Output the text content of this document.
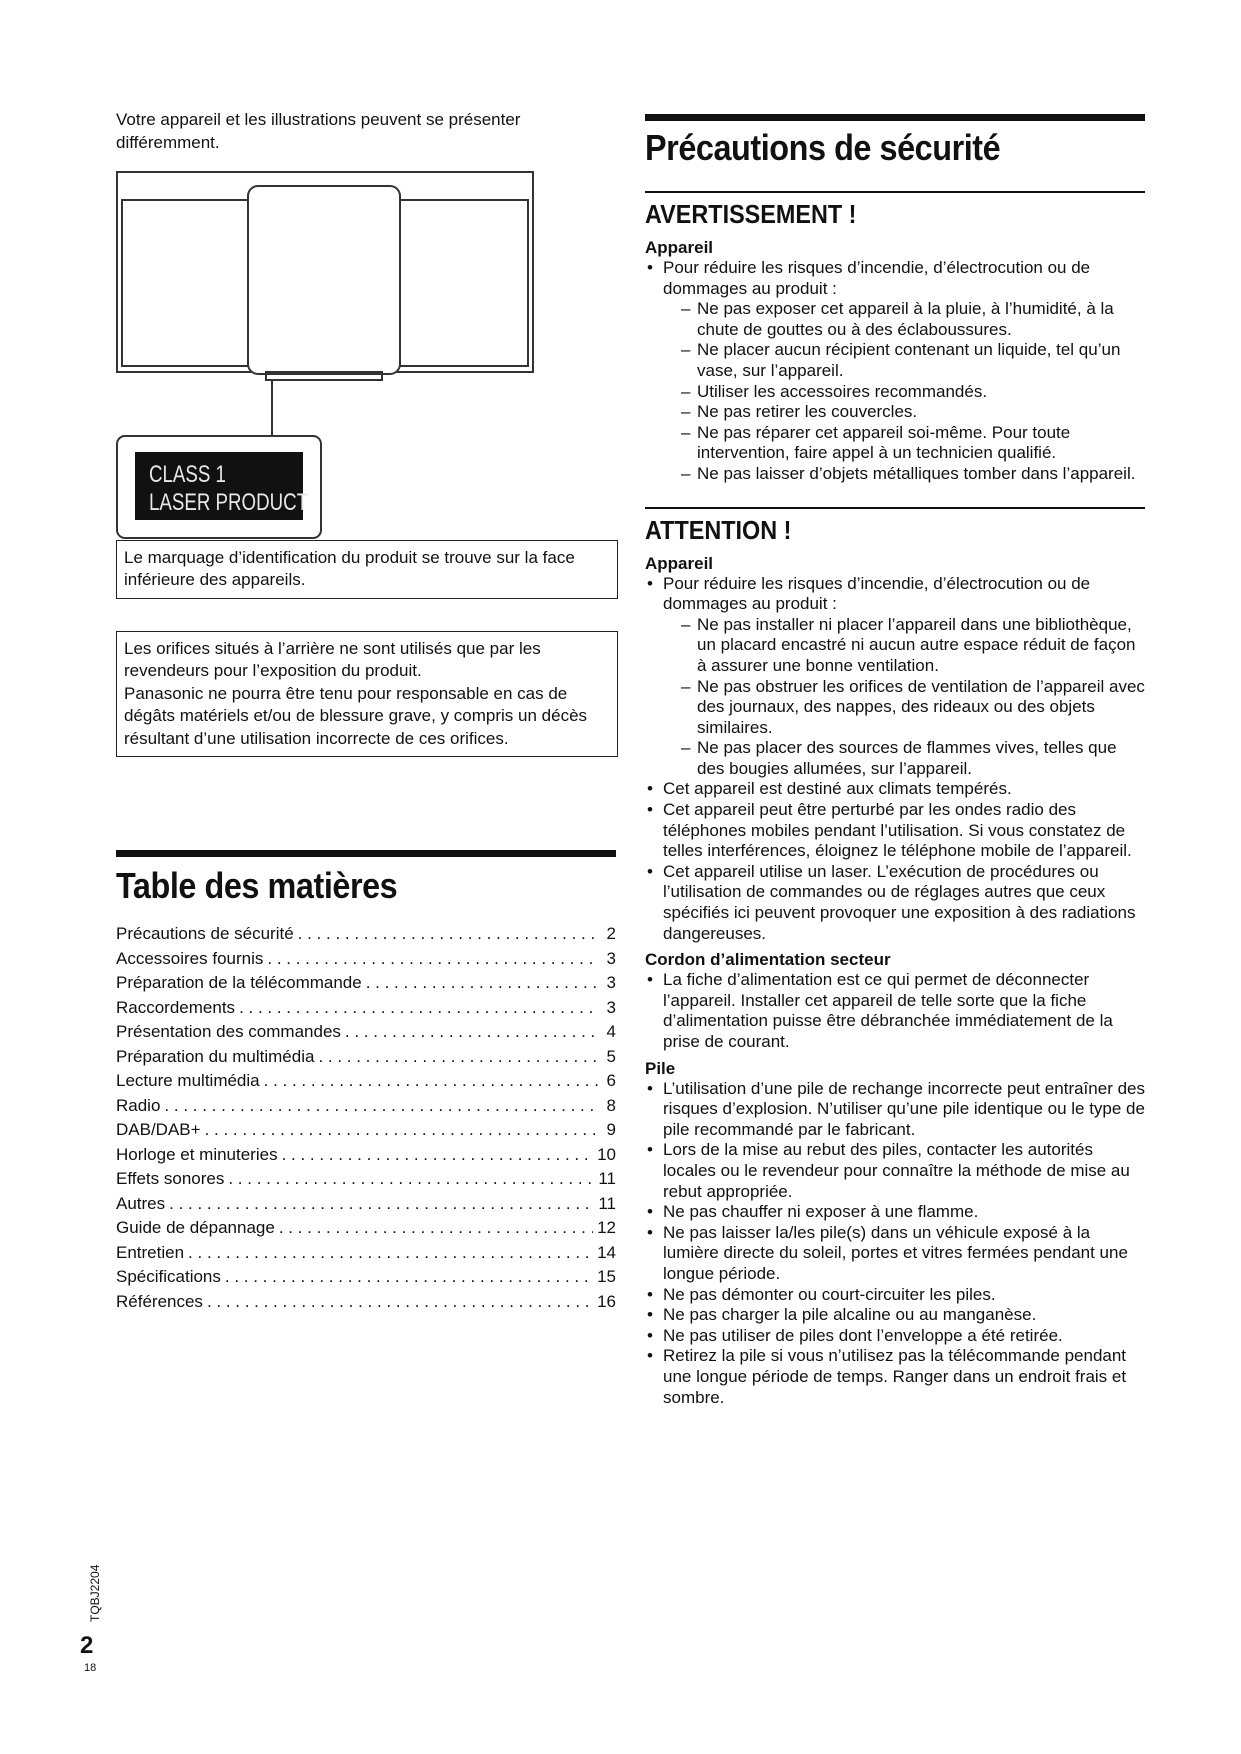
Votre appareil et les illustrations peuvent se présenter différemment.

CLASS 1
LASER PRODUCT

Le marquage d’identification du produit se trouve sur la face inférieure des appareils.

Les orifices situés à l’arrière ne sont utilisés que par les revendeurs pour l’exposition du produit.

Panasonic ne pourra être tenu pour responsable en cas de dégâts matériels et/ou de blessure grave, y compris un décès résultant d’une utilisation incorrecte de ces orifices.

Table des matières
Précautions de sécurité . . .	2
Accessoires fournis . . .	3
Préparation de la télécommande . . .	3
Raccordements . . .	3
Présentation des commandes . . .	4
Préparation du multimédia . . .	5
Lecture multimédia . . .	6
Radio . . .	8
DAB/DAB+ . . .	9
Horloge et minuteries . . .	10
Effets sonores . . .	11
Autres . . .	11
Guide de dépannage . . .	12
Entretien . . .	14
Spécifications . . .	15
Références . . .	16
Précautions de sécurité
AVERTISSEMENT !
Appareil
• Pour réduire les risques d’incendie, d’électrocution ou de dommages au produit :
– Ne pas exposer cet appareil à la pluie, à l’humidité, à la chute de gouttes ou à des éclaboussures.
– Ne placer aucun récipient contenant un liquide, tel qu’un vase, sur l’appareil.
– Utiliser les accessoires recommandés.
– Ne pas retirer les couvercles.
– Ne pas réparer cet appareil soi-même. Pour toute intervention, faire appel à un technicien qualifié.
– Ne pas laisser d’objets métalliques tomber dans l’appareil.
ATTENTION !
Appareil
• Pour réduire les risques d’incendie, d’électrocution ou de dommages au produit :
– Ne pas installer ni placer l’appareil dans une bibliothèque, un placard encastré ni aucun autre espace réduit de façon à assurer une bonne ventilation.
– Ne pas obstruer les orifices de ventilation de l’appareil avec des journaux, des nappes, des rideaux ou des objets similaires.
– Ne pas placer des sources de flammes vives, telles que des bougies allumées, sur l’appareil.
• Cet appareil est destiné aux climats tempérés.
• Cet appareil peut être perturbé par les ondes radio des téléphones mobiles pendant l’utilisation. Si vous constatez de telles interférences, éloignez le téléphone mobile de l’appareil.
• Cet appareil utilise un laser. L’exécution de procédures ou l’utilisation de commandes ou de réglages autres que ceux spécifiés ici peuvent provoquer une exposition à des radiations dangereuses.
Cordon d’alimentation secteur
• La fiche d’alimentation est ce qui permet de déconnecter l’appareil. Installer cet appareil de telle sorte que la fiche d’alimentation puisse être débranchée immédiatement de la prise de courant.
Pile
• L’utilisation d’une pile de rechange incorrecte peut entraîner des risques d’explosion. N’utiliser qu’une pile identique ou le type de pile recommandé par le fabricant.
• Lors de la mise au rebut des piles, contacter les autorités locales ou le revendeur pour connaître la méthode de mise au rebut appropriée.
• Ne pas chauffer ni exposer à une flamme.
• Ne pas laisser la/les pile(s) dans un véhicule exposé à la lumière directe du soleil, portes et vitres fermées pendant une longue période.
• Ne pas démonter ou court-circuiter les piles.
• Ne pas charger la pile alcaline ou au manganèse.
• Ne pas utiliser de piles dont l’enveloppe a été retirée.
• Retirez la pile si vous n’utilisez pas la télécommande pendant une longue période de temps. Ranger dans un endroit frais et sombre.
TQBJ2204
2
18
